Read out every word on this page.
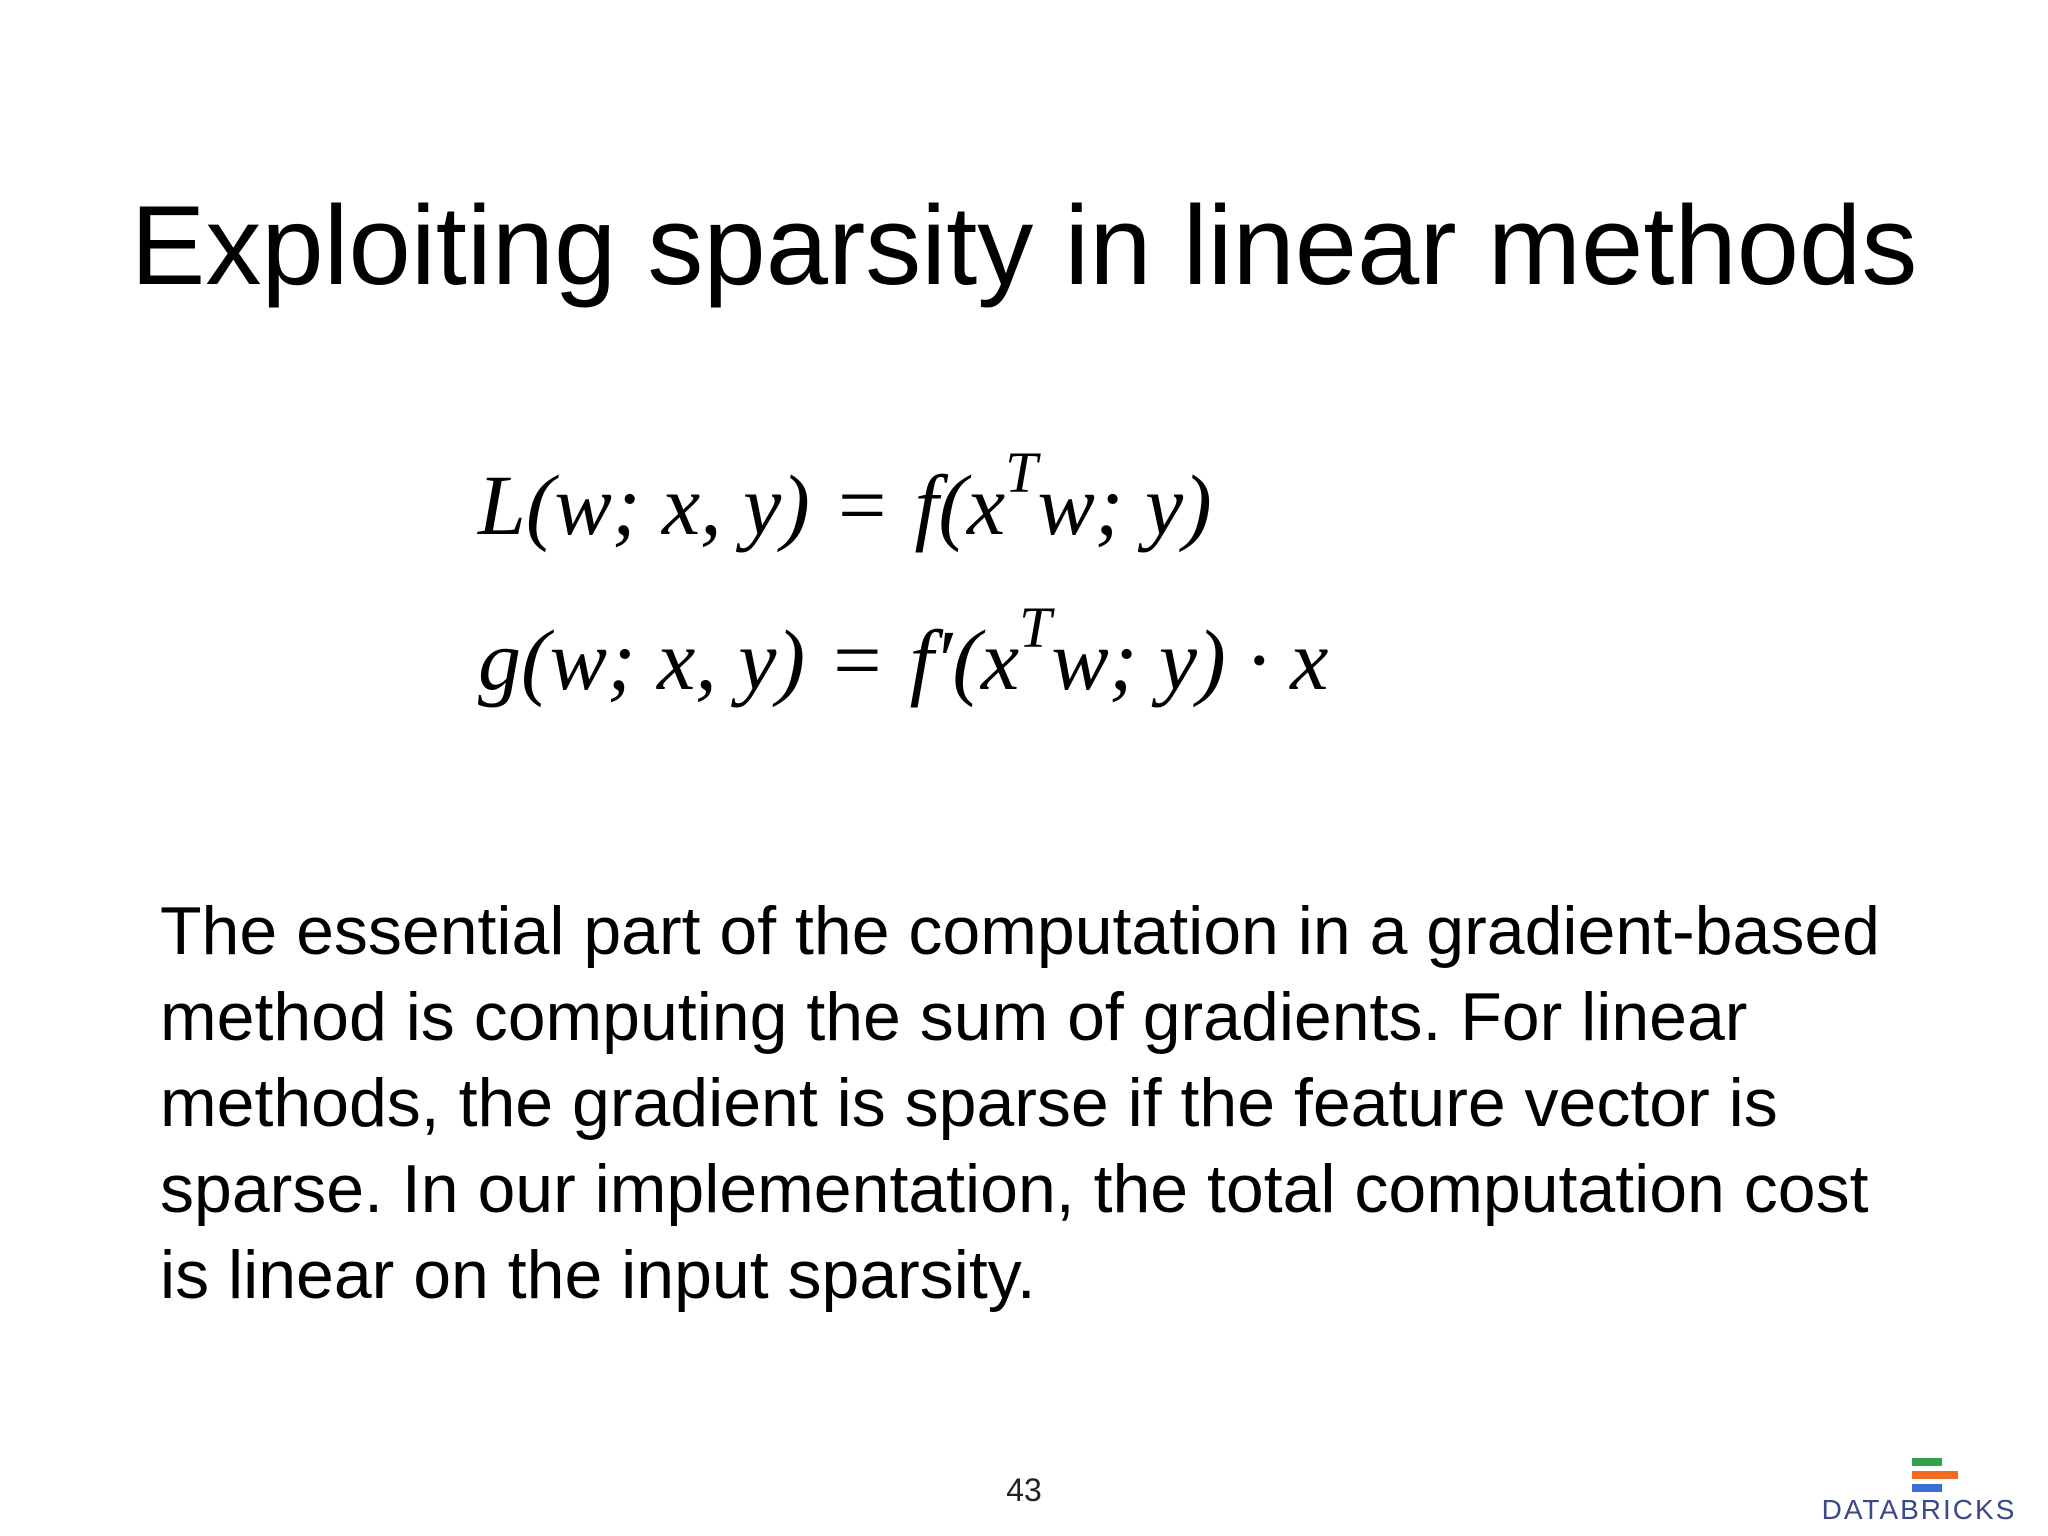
Exploiting sparsity in linear methods
L(w; x, $y) = f(x^Tw$; y)
g(w; x, $y) = f'(x^Tw$; y) · x
The essential part of the computation in a gradient-based method is computing the sum of gradients. For linear methods, the gradient is sparse if the feature vector is sparse. In our implementation, the total computation cost is linear on the input sparsity.
43
DATABRICKS
